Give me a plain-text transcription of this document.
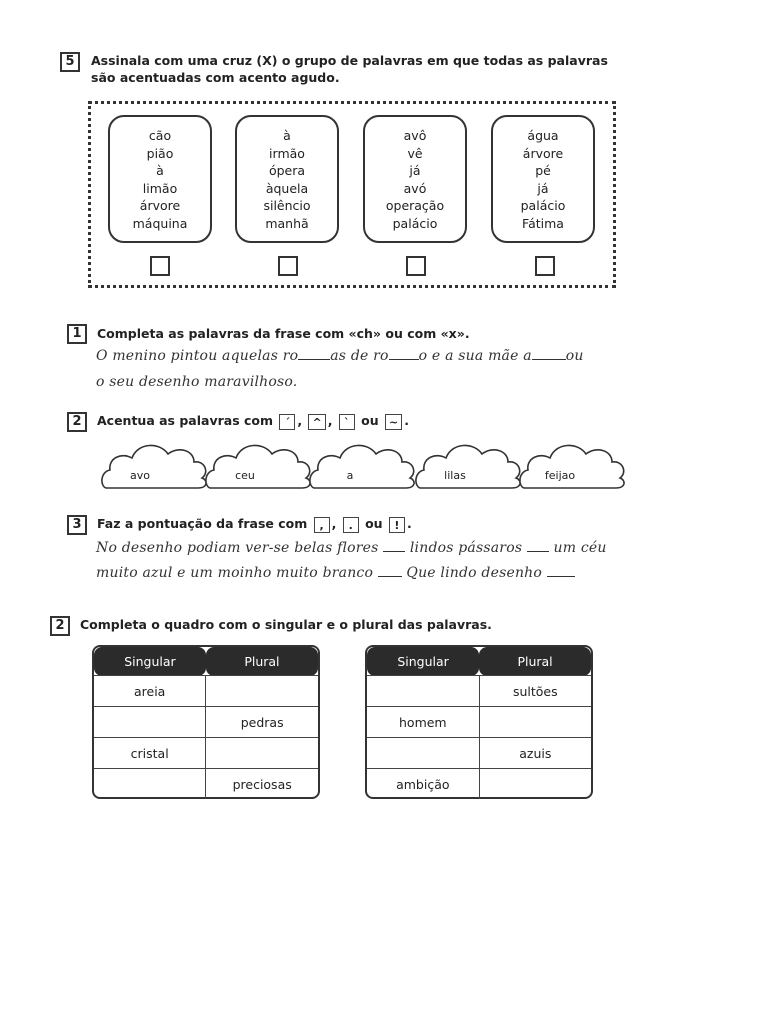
5	Assinala com uma cruz (X) o grupo de palavras em que todas as palavras
são acentuadas com acento agudo.
cão
pião
à
limão
árvore
máquina
à
irmão
ópera
àquela
silêncio
manhã
avô
vê
já
avó
operação
palácio
água
árvore
pé
já
palácio
Fátima
1	Completa as palavras da frase com «ch» ou com «x».
O menino pintou aquelas ro as de ro o e a sua mãe a ou
o seu desenho maravilhoso.
2	Acentua as palavras com ´ , ^ , ` ou ~ .
avo	ceu	a	lilas	feijao
3	Faz a pontuação da frase com , , . ou ! .
No desenho podiam ver-se belas flores lindos pássaros um céu
muito azul e um moinho muito branco Que lindo desenho
2	Completa o quadro com o singular e o plural das palavras.
Singular	Plural
areia	
	pedras
cristal	
	preciosas
Singular	Plural
	sultões
homem	
	azuis
ambição	
